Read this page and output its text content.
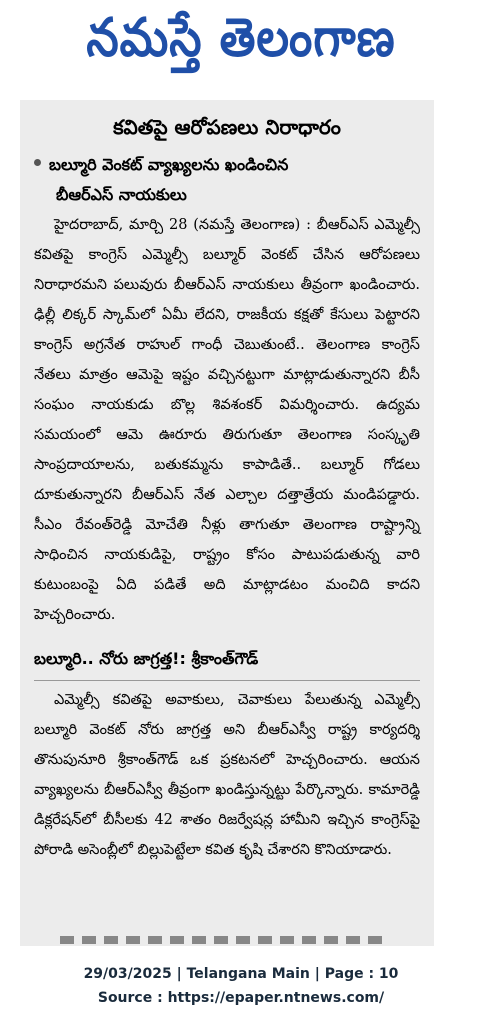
నమస్తే తెలంగాణ
కవితపై ఆరోపణలు నిరాధారం
బల్మూరి వెంకట్ వ్యాఖ్యలను ఖండించిన
బీఆర్ఎస్ నాయకులు
హైదరాబాద్, మార్చి 28 (నమస్తే తెలంగాణ) : బీఆర్ఎస్ ఎమ్మెల్సీ కవితపై కాంగ్రెస్ ఎమ్మెల్సీ బల్మూర్ వెంకట్ చేసిన ఆరోపణలు నిరాధారమని పలువురు బీఆర్ఎస్ నాయకులు తీవ్రంగా ఖండించారు. ఢిల్లీ లిక్కర్ స్కామ్‌లో ఏమీ లేదని, రాజకీయ కక్షతో కేసులు పెట్టారని కాంగ్రెస్ అగ్రనేత రాహుల్ గాంధీ చెబుతుంటే.. తెలంగాణ కాంగ్రెస్ నేతలు మాత్రం ఆమెపై ఇష్టం వచ్చినట్టుగా మాట్లాడుతున్నారని బీసీ సంఘం నాయకుడు బొల్ల శివశంకర్ విమర్శించారు. ఉద్యమ సమయంలో ఆమె ఊరూరు తిరుగుతూ తెలంగాణ సంస్కృతి సాంప్రదాయాలను, బతుకమ్మను కాపాడితే.. బల్మూర్ గోడలు దూకుతున్నారని బీఆర్ఎస్ నేత ఎల్చాల దత్తాత్రేయ మండిపడ్డారు. సీఎం రేవంత్‌రెడ్డి మోచేతి నీళ్లు తాగుతూ తెలంగాణ రాష్ట్రాన్ని సాధించిన నాయకుడిపై, రాష్ట్రం కోసం పాటుపడుతున్న వారి కుటుంబంపై ఏది పడితే అది మాట్లాడటం మంచిది కాదని హెచ్చరించారు.
బల్మూరి.. నోరు జాగ్రత్త!: శ్రీకాంత్‌గౌడ్
ఎమ్మెల్సీ కవితపై అవాకులు, చెవాకులు పేలుతున్న ఎమ్మెల్సీ బల్మూరి వెంకట్ నోరు జాగ్రత్త అని బీఆర్ఎస్వీ రాష్ట్ర కార్యదర్శి తొనుపునూరి శ్రీకాంత్‌గౌడ్ ఒక ప్రకటనలో హెచ్చరించారు. ఆయన వ్యాఖ్యలను బీఆర్ఎస్వీ తీవ్రంగా ఖండిస్తున్నట్టు పేర్కొన్నారు. కామారెడ్డి డిక్లరేషన్‌లో బీసీలకు 42 శాతం రిజర్వేషన్ల హామీని ఇచ్చిన కాంగ్రెస్‌పై పోరాడి అసెంబ్లీలో బిల్లుపెట్టేలా కవిత కృషి చేశారని కొనియాడారు.
29/03/2025 | Telangana Main | Page : 10
Source : https://epaper.ntnews.com/
